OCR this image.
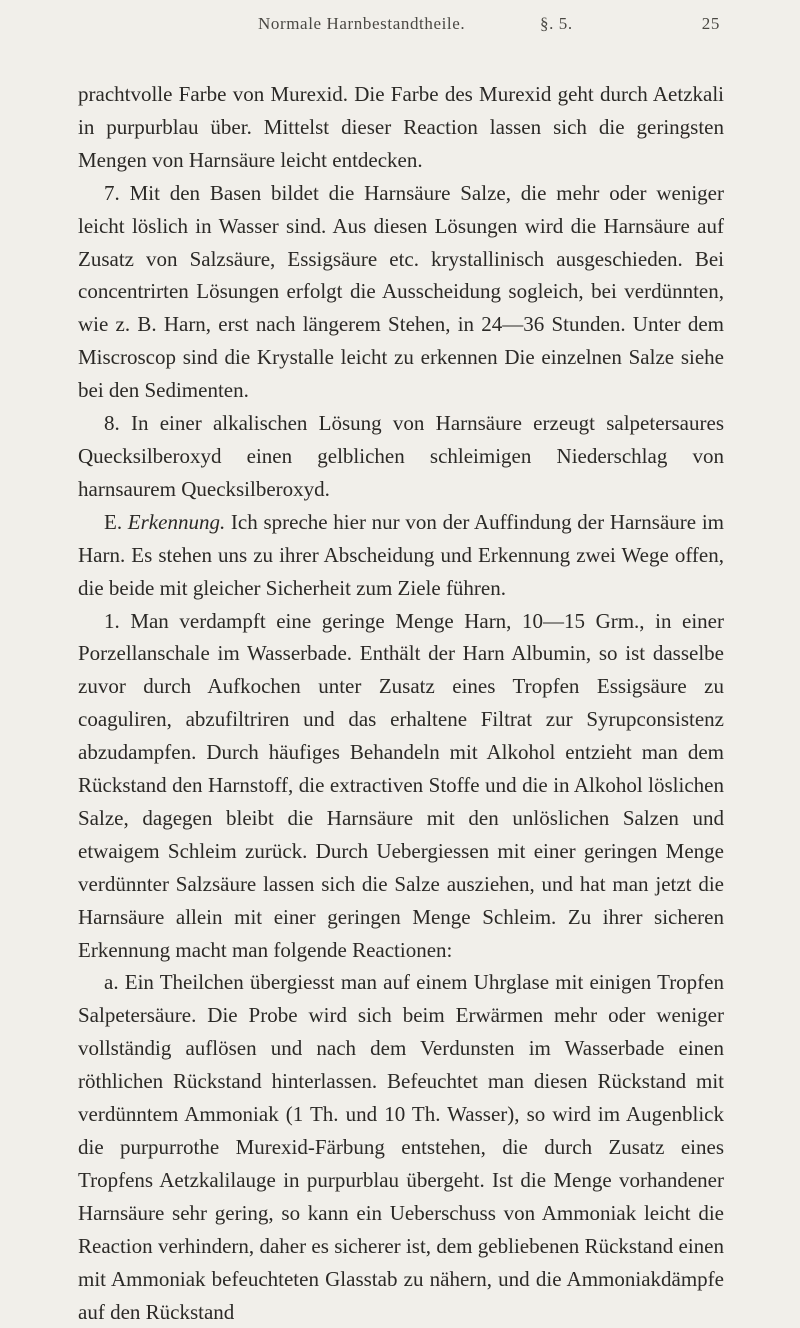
Normale Harnbestandtheile.	§. 5.	25

prachtvolle Farbe von Murexid. Die Farbe des Murexid geht durch Aetzkali in purpurblau über. Mittelst dieser Reaction lassen sich die geringsten Mengen von Harnsäure leicht entdecken.

7. Mit den Basen bildet die Harnsäure Salze, die mehr oder weniger leicht löslich in Wasser sind. Aus diesen Lösungen wird die Harnsäure auf Zusatz von Salzsäure, Essigsäure etc. krystallinisch ausgeschieden. Bei concentrirten Lösungen erfolgt die Ausscheidung sogleich, bei verdünnten, wie z. B. Harn, erst nach längerem Stehen, in 24—36 Stunden. Unter dem Miscroscop sind die Krystalle leicht zu erkennen Die einzelnen Salze siehe bei den Sedimenten.

8. In einer alkalischen Lösung von Harnsäure erzeugt salpetersaures Quecksilberoxyd einen gelblichen schleimigen Niederschlag von harnsaurem Quecksilberoxyd.

E. Erkennung. Ich spreche hier nur von der Auffindung der Harnsäure im Harn. Es stehen uns zu ihrer Abscheidung und Erkennung zwei Wege offen, die beide mit gleicher Sicherheit zum Ziele führen.

1. Man verdampft eine geringe Menge Harn, 10—15 Grm., in einer Porzellanschale im Wasserbade. Enthält der Harn Albumin, so ist dasselbe zuvor durch Aufkochen unter Zusatz eines Tropfen Essigsäure zu coaguliren, abzufiltriren und das erhaltene Filtrat zur Syrupconsistenz abzudampfen. Durch häufiges Behandeln mit Alkohol entzieht man dem Rückstand den Harnstoff, die extractiven Stoffe und die in Alkohol löslichen Salze, dagegen bleibt die Harnsäure mit den unlöslichen Salzen und etwaigem Schleim zurück. Durch Uebergiessen mit einer geringen Menge verdünnter Salzsäure lassen sich die Salze ausziehen, und hat man jetzt die Harnsäure allein mit einer geringen Menge Schleim. Zu ihrer sicheren Erkennung macht man folgende Reactionen:

a. Ein Theilchen übergiesst man auf einem Uhrglase mit einigen Tropfen Salpetersäure. Die Probe wird sich beim Erwärmen mehr oder weniger vollständig auflösen und nach dem Verdunsten im Wasserbade einen röthlichen Rückstand hinterlassen. Befeuchtet man diesen Rückstand mit verdünntem Ammoniak (1 Th. und 10 Th. Wasser), so wird im Augenblick die purpurrothe Murexid-Färbung entstehen, die durch Zusatz eines Tropfens Aetzkalilauge in purpurblau übergeht. Ist die Menge vorhandener Harnsäure sehr gering, so kann ein Ueberschuss von Ammoniak leicht die Reaction verhindern, daher es sicherer ist, dem gebliebenen Rückstand einen mit Ammoniak befeuchteten Glasstab zu nähern, und die Ammoniakdämpfe auf den Rückstand
